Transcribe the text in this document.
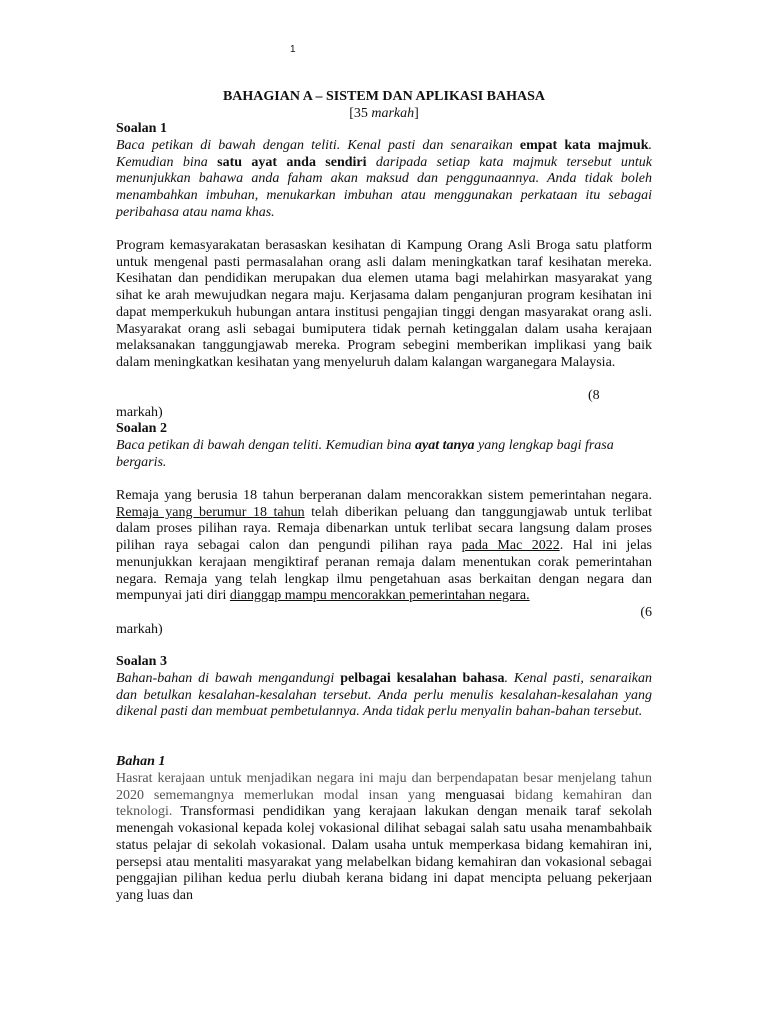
1
BAHAGIAN A – SISTEM DAN APLIKASI BAHASA
[35 markah]
Soalan 1
Baca petikan di bawah dengan teliti. Kenal pasti dan senaraikan empat kata majmuk. Kemudian bina satu ayat anda sendiri daripada setiap kata majmuk tersebut untuk menunjukkan bahawa anda faham akan maksud dan penggunaannya. Anda tidak boleh menambahkan imbuhan, menukarkan imbuhan atau menggunakan perkataan itu sebagai peribahasa atau nama khas.
Program kemasyarakatan berasaskan kesihatan di Kampung Orang Asli Broga satu platform untuk mengenal pasti permasalahan orang asli dalam meningkatkan taraf kesihatan mereka. Kesihatan dan pendidikan merupakan dua elemen utama bagi melahirkan masyarakat yang sihat ke arah mewujudkan negara maju. Kerjasama dalam penganjuran program kesihatan ini dapat memperkukuh hubungan antara institusi pengajian tinggi dengan masyarakat orang asli. Masyarakat orang asli sebagai bumiputera tidak pernah ketinggalan dalam usaha kerajaan melaksanakan tanggungjawab mereka. Program sebegini memberikan implikasi yang baik dalam meningkatkan kesihatan yang menyeluruh dalam kalangan warganegara Malaysia.
(8
markah)
Soalan 2
Baca petikan di bawah dengan teliti. Kemudian bina ayat tanya yang lengkap bagi frasa bergaris.
Remaja yang berusia 18 tahun berperanan dalam mencorakkan sistem pemerintahan negara. Remaja yang berumur 18 tahun telah diberikan peluang dan tanggungjawab untuk terlibat dalam proses pilihan raya. Remaja dibenarkan untuk terlibat secara langsung dalam proses pilihan raya sebagai calon dan pengundi pilihan raya pada Mac 2022. Hal ini jelas menunjukkan kerajaan mengiktiraf peranan remaja dalam menentukan corak pemerintahan negara. Remaja yang telah lengkap ilmu pengetahuan asas berkaitan dengan negara dan mempunyai jati diri dianggap mampu mencorakkan pemerintahan negara.
(6
markah)
Soalan 3
Bahan-bahan di bawah mengandungi pelbagai kesalahan bahasa. Kenal pasti, senaraikan dan betulkan kesalahan-kesalahan tersebut. Anda perlu menulis kesalahan-kesalahan yang dikenal pasti dan membuat pembetulannya. Anda tidak perlu menyalin bahan-bahan tersebut.
Bahan 1
Hasrat kerajaan untuk menjadikan negara ini maju dan berpendapatan besar menjelang tahun 2020 sememangnya memerlukan modal insan yang menguasai bidang kemahiran dan teknologi. Transformasi pendidikan yang kerajaan lakukan dengan menaik taraf sekolah menengah vokasional kepada kolej vokasional dilihat sebagai salah satu usaha menambahbaik status pelajar di sekolah vokasional. Dalam usaha untuk memperkasa bidang kemahiran ini, persepsi atau mentaliti masyarakat yang melabelkan bidang kemahiran dan vokasional sebagai penggajian pilihan kedua perlu diubah kerana bidang ini dapat mencipta peluang pekerjaan yang luas dan
